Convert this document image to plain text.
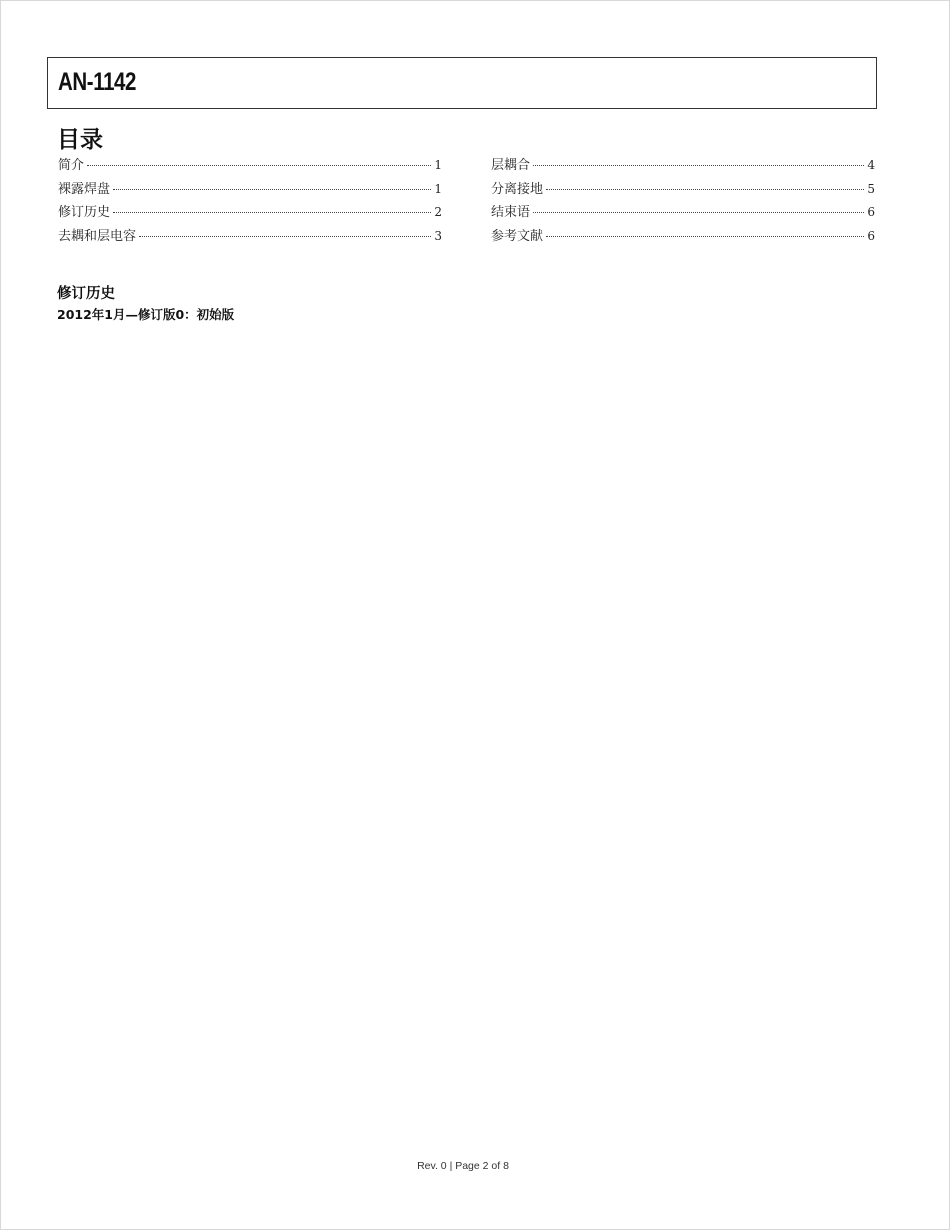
AN-1142
目录
简介	1
裸露焊盘	1
修订历史	2
去耦和层电容	3
层耦合	4
分离接地	5
结束语	6
参考文献	6
修订历史
2012年1月—修订版0：初始版
Rev. 0 | Page 2 of 8
